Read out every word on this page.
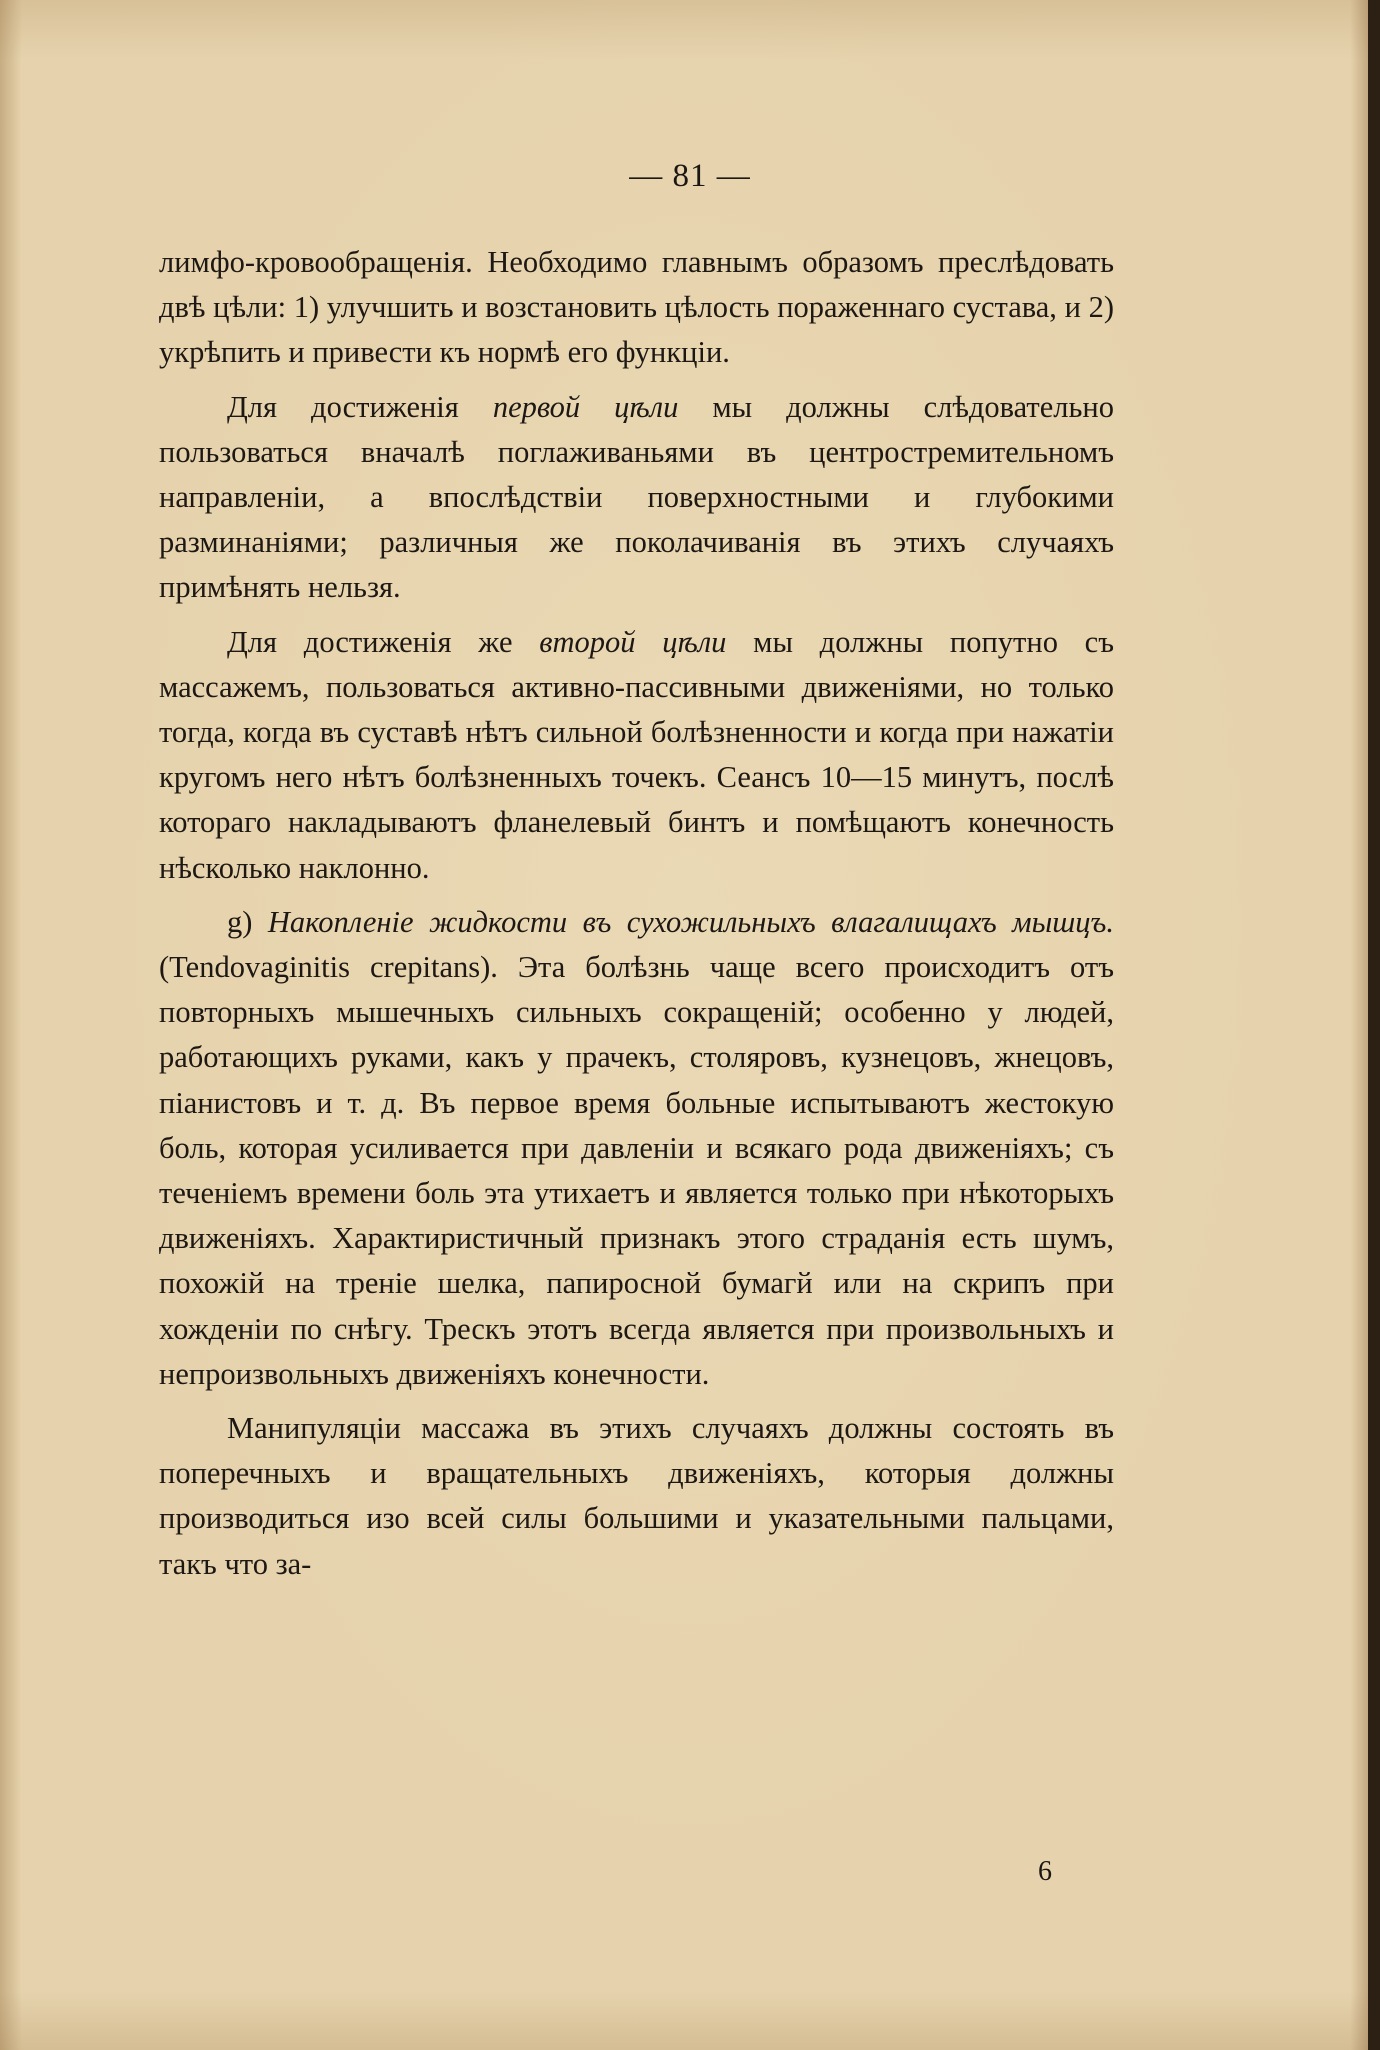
— 81 —

лимфо-кровообращенія. Необходимо главнымъ образомъ преслѣдовать двѣ цѣли: 1) улучшить и возстановить цѣлость пораженнаго сустава, и 2) укрѣпить и привести къ нормѣ его функціи.

Для достиженія первой цѣли мы должны слѣдовательно пользоваться вначалѣ поглаживаньями въ центростремительномъ направленіи, а впослѣдствіи поверхностными и глубокими разминаніями; различныя же поколачиванія въ этихъ случаяхъ примѣнять нельзя.

Для достиженія же второй цѣли мы должны попутно съ массажемъ, пользоваться активно-пассивными движеніями, но только тогда, когда въ суставѣ нѣтъ сильной болѣзненности и когда при нажатіи кругомъ него нѣтъ болѣзненныхъ точекъ. Сеансъ 10—15 минутъ, послѣ котораго накладываютъ фланелевый бинтъ и помѣщаютъ конечность нѣсколько наклонно.

g) Накопленіе жидкости въ сухожильныхъ влагалищахъ мышцъ. (Tendovaginitis crepitans). Эта болѣзнь чаще всего происходитъ отъ повторныхъ мышечныхъ сильныхъ сокращеній; особенно у людей, работающихъ руками, какъ у прачекъ, столяровъ, кузнецовъ, жнецовъ, піанистовъ и т. д. Въ первое время больные испытываютъ жестокую боль, которая усиливается при давленіи и всякаго рода движеніяхъ; съ теченіемъ времени боль эта утихаетъ и является только при нѣкоторыхъ движеніяхъ. Характиристичный признакъ этого страданія есть шумъ, похожій на треніе шелка, папиросной бумагй или на скрипъ при хожденіи по снѣгу. Трескъ этотъ всегда является при произвольныхъ и непроизвольныхъ движеніяхъ конечности.

Манипуляціи массажа въ этихъ случаяхъ должны состоять въ поперечныхъ и вращательныхъ движеніяхъ, которыя должны производиться изо всей силы большими и указательными пальцами, такъ что за-

6
